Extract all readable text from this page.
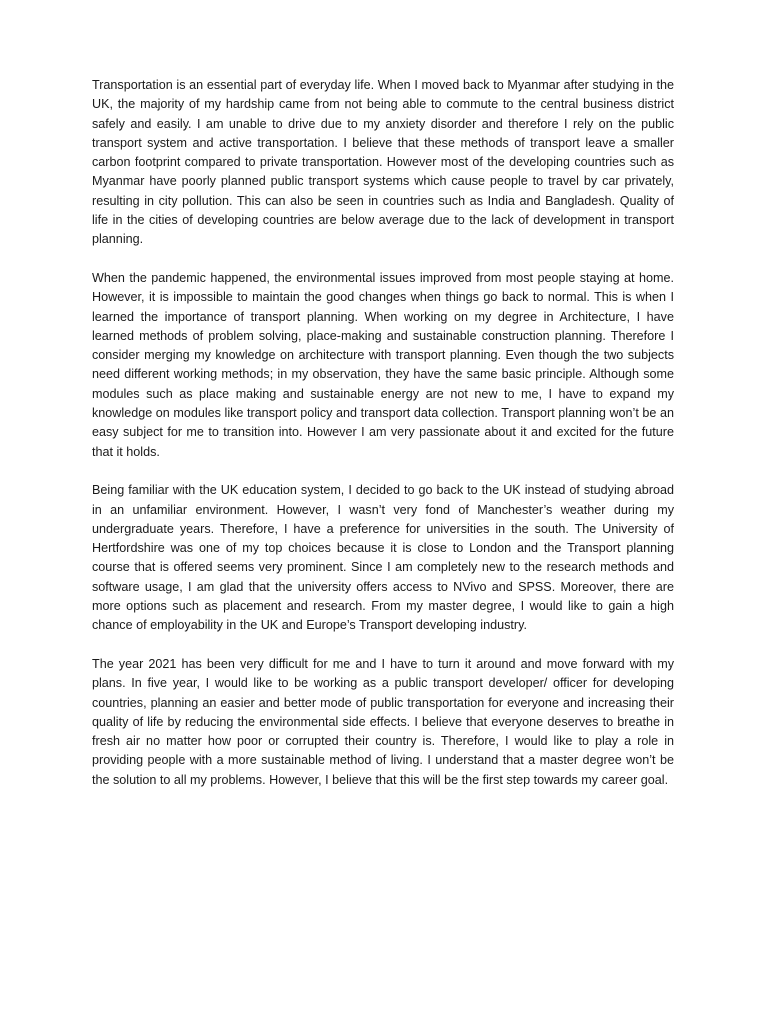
Transportation is an essential part of everyday life. When I moved back to Myanmar after studying in the UK, the majority of my hardship came from not being able to commute to the central business district safely and easily. I am unable to drive due to my anxiety disorder and therefore I rely on the public transport system and active transportation. I believe that these methods of transport leave a smaller carbon footprint compared to private transportation. However most of the developing countries such as Myanmar have poorly planned public transport systems which cause people to travel by car privately, resulting in city pollution. This can also be seen in countries such as India and Bangladesh. Quality of life in the cities of developing countries are below average due to the lack of development in transport planning.

When the pandemic happened, the environmental issues improved from most people staying at home. However, it is impossible to maintain the good changes when things go back to normal. This is when I learned the importance of transport planning. When working on my degree in Architecture, I have learned methods of problem solving, place-making and sustainable construction planning. Therefore I consider merging my knowledge on architecture with transport planning. Even though the two subjects need different working methods; in my observation, they have the same basic principle. Although some modules such as place making and sustainable energy are not new to me, I have to expand my knowledge on modules like transport policy and transport data collection. Transport planning won’t be an easy subject for me to transition into. However I am very passionate about it and excited for the future that it holds.

Being familiar with the UK education system, I decided to go back to the UK instead of studying abroad in an unfamiliar environment. However, I wasn’t very fond of Manchester’s weather during my undergraduate years. Therefore, I have a preference for universities in the south. The University of Hertfordshire was one of my top choices because it is close to London and the Transport planning course that is offered seems very prominent. Since I am completely new to the research methods and software usage, I am glad that the university offers access to NVivo and SPSS. Moreover, there are more options such as placement and research. From my master degree, I would like to gain a high chance of employability in the UK and Europe’s Transport developing industry.

The year 2021 has been very difficult for me and I have to turn it around and move forward with my plans. In five year, I would like to be working as a public transport developer/ officer for developing countries, planning an easier and better mode of public transportation for everyone and increasing their quality of life by reducing the environmental side effects. I believe that everyone deserves to breathe in fresh air no matter how poor or corrupted their country is. Therefore, I would like to play a role in providing people with a more sustainable method of living. I understand that a master degree won’t be the solution to all my problems. However, I believe that this will be the first step towards my career goal.
